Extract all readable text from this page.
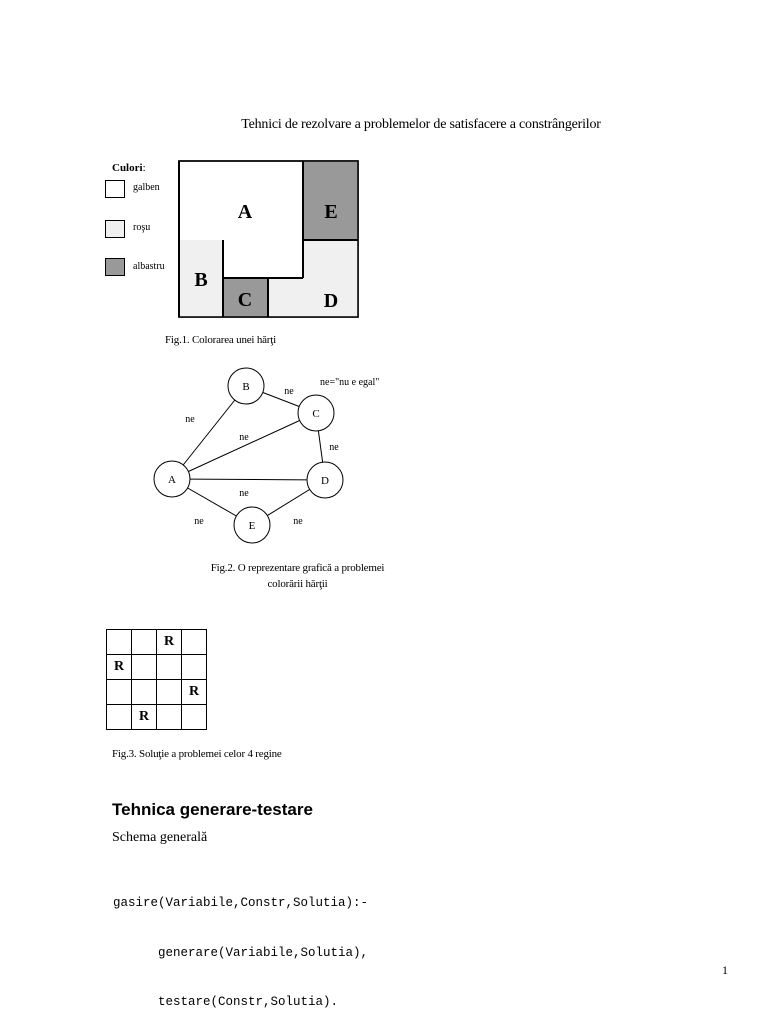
Tehnici de rezolvare a problemelor de satisfacere a constrângerilor
Culori:
galben
roşu
albastru
A
B
C	D
E
Fig.1. Colorarea unei hărţi
A
B
C
D
E
ne
ne
ne
ne
ne
ne	ne
ne="nu e egal"
Fig.2. O reprezentare grafică a problemei
colorării hărţii
		R	
R			
			R
	R		
Fig.3. Soluţie a problemei celor 4 regine
Tehnica generare-testare
Schema generală

gasire(Variabile,Constr,Solutia):-

generare(Variabile,Solutia),

testare(Constr,Solutia).

1
